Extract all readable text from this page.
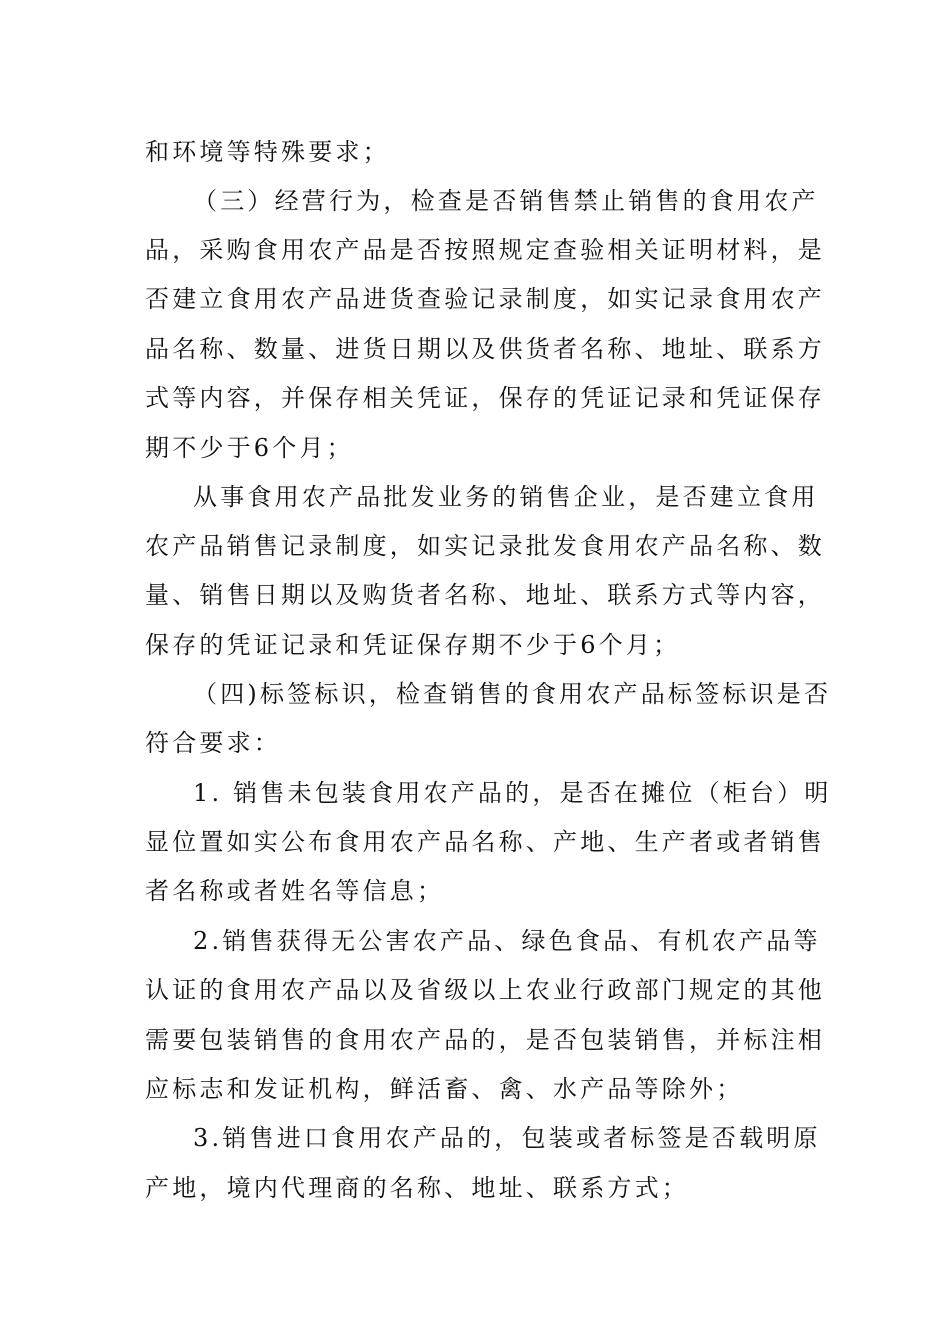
和环境等特殊要求；
（三）经营行为，检查是否销售禁止销售的食用农产
品，采购食用农产品是否按照规定查验相关证明材料，是
否建立食用农产品进货查验记录制度，如实记录食用农产
品名称、数量、进货日期以及供货者名称、地址、联系方
式等内容，并保存相关凭证，保存的凭证记录和凭证保存
期不少于6个月；
从事食用农产品批发业务的销售企业，是否建立食用
农产品销售记录制度，如实记录批发食用农产品名称、数
量、销售日期以及购货者名称、地址、联系方式等内容，
保存的凭证记录和凭证保存期不少于6个月；
（四)标签标识，检查销售的食用农产品标签标识是否
符合要求：
1. 销售未包装食用农产品的，是否在摊位（柜台）明
显位置如实公布食用农产品名称、产地、生产者或者销售
者名称或者姓名等信息；
2.销售获得无公害农产品、绿色食品、有机农产品等
认证的食用农产品以及省级以上农业行政部门规定的其他
需要包装销售的食用农产品的，是否包装销售，并标注相
应标志和发证机构，鲜活畜、禽、水产品等除外；
3.销售进口食用农产品的，包装或者标签是否载明原
产地，境内代理商的名称、地址、联系方式；
